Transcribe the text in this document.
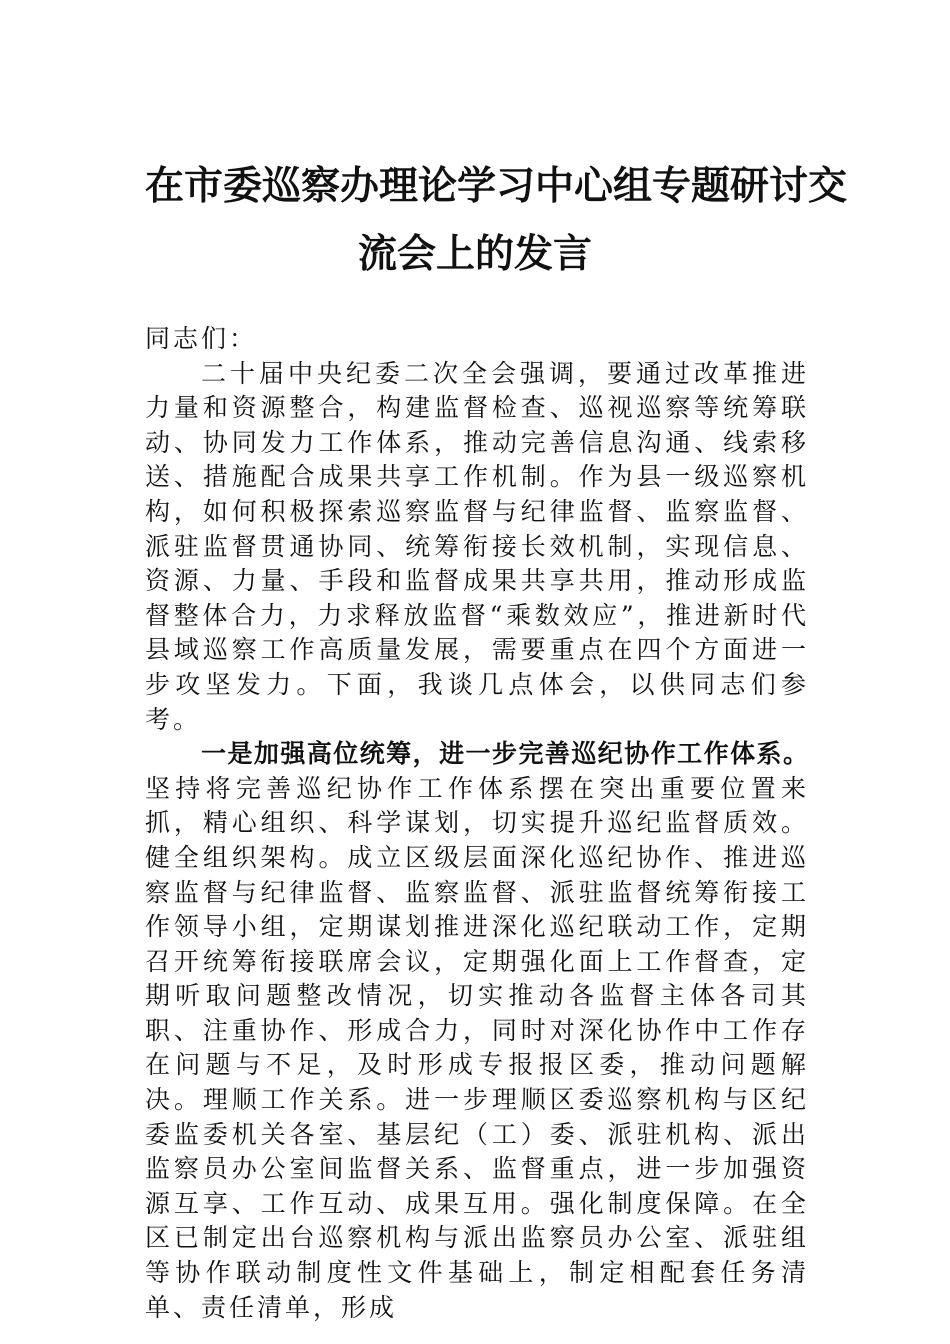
在市委巡察办理论学习中心组专题研讨交
流会上的发言

同志们：

二十届中央纪委二次全会强调，要通过改革推进力量和资源整合，构建监督检查、巡视巡察等统筹联动、协同发力工作体系，推动完善信息沟通、线索移送、措施配合成果共享工作机制。作为县一级巡察机构，如何积极探索巡察监督与纪律监督、监察监督、派驻监督贯通协同、统筹衔接长效机制，实现信息、资源、力量、手段和监督成果共享共用，推动形成监督整体合力，力求释放监督“乘数效应”，推进新时代县域巡察工作高质量发展，需要重点在四个方面进一步攻坚发力。下面，我谈几点体会，以供同志们参考。

一是加强高位统筹，进一步完善巡纪协作工作体系。坚持将完善巡纪协作工作体系摆在突出重要位置来抓，精心组织、科学谋划，切实提升巡纪监督质效。健全组织架构。成立区级层面深化巡纪协作、推进巡察监督与纪律监督、监察监督、派驻监督统筹衔接工作领导小组，定期谋划推进深化巡纪联动工作，定期召开统筹衔接联席会议，定期强化面上工作督查，定期听取问题整改情况，切实推动各监督主体各司其职、注重协作、形成合力，同时对深化协作中工作存在问题与不足，及时形成专报报区委，推动问题解决。理顺工作关系。进一步理顺区委巡察机构与区纪委监委机关各室、基层纪（工）委、派驻机构、派出监察员办公室间监督关系、监督重点，进一步加强资源互享、工作互动、成果互用。强化制度保障。在全区已制定出台巡察机构与派出监察员办公室、派驻组等协作联动制度性文件基础上，制定相配套任务清单、责任清单，形成
